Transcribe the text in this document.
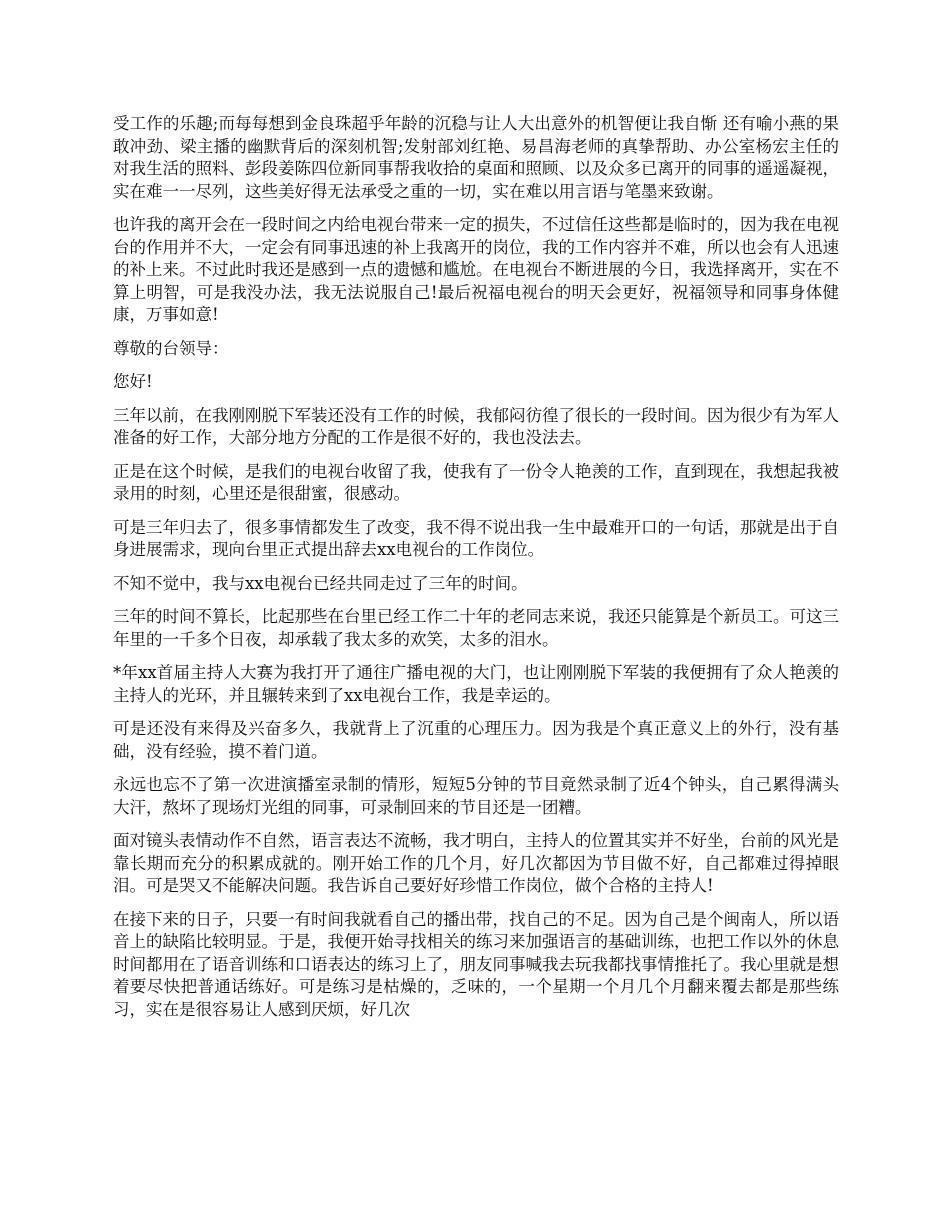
受工作的乐趣;而每每想到金良珠超乎年龄的沉稳与让人大出意外的机智便让我自惭 还有喻小燕的果敢冲劲、梁主播的幽默背后的深刻机智;发射部刘红艳、易昌海老师的真挚帮助、办公室杨宏主任的对我生活的照料、彭段姜陈四位新同事帮我收拾的桌面和照顾、以及众多已离开的同事的遥遥凝视，实在难一一尽列，这些美好得无法承受之重的一切，实在难以用言语与笔墨来致谢。

也许我的离开会在一段时间之内给电视台带来一定的损失，不过信任这些都是临时的，因为我在电视台的作用并不大，一定会有同事迅速的补上我离开的岗位，我的工作内容并不难，所以也会有人迅速的补上来。不过此时我还是感到一点的遗憾和尴尬。在电视台不断进展的今日，我选择离开，实在不算上明智，可是我没办法，我无法说服自己!最后祝福电视台的明天会更好，祝福领导和同事身体健康，万事如意!

尊敬的台领导：

您好!

三年以前，在我刚刚脱下军装还没有工作的时候，我郁闷彷徨了很长的一段时间。因为很少有为军人准备的好工作，大部分地方分配的工作是很不好的，我也没法去。

正是在这个时候，是我们的电视台收留了我，使我有了一份令人艳羡的工作，直到现在，我想起我被录用的时刻，心里还是很甜蜜，很感动。

可是三年归去了，很多事情都发生了改变，我不得不说出我一生中最难开口的一句话，那就是出于自身进展需求，现向台里正式提出辞去xx电视台的工作岗位。

不知不觉中，我与xx电视台已经共同走过了三年的时间。

三年的时间不算长，比起那些在台里已经工作二十年的老同志来说，我还只能算是个新员工。可这三年里的一千多个日夜，却承载了我太多的欢笑，太多的泪水。

*年xx首届主持人大赛为我打开了通往广播电视的大门，也让刚刚脱下军装的我便拥有了众人艳羡的主持人的光环，并且辗转来到了xx电视台工作，我是幸运的。

可是还没有来得及兴奋多久，我就背上了沉重的心理压力。因为我是个真正意义上的外行，没有基础，没有经验，摸不着门道。

永远也忘不了第一次进演播室录制的情形，短短5分钟的节目竟然录制了近4个钟头，自己累得满头大汗，熬坏了现场灯光组的同事，可录制回来的节目还是一团糟。

面对镜头表情动作不自然，语言表达不流畅，我才明白，主持人的位置其实并不好坐，台前的风光是靠长期而充分的积累成就的。刚开始工作的几个月，好几次都因为节目做不好，自己都难过得掉眼泪。可是哭又不能解决问题。我告诉自己要好好珍惜工作岗位，做个合格的主持人!

在接下来的日子，只要一有时间我就看自己的播出带，找自己的不足。因为自己是个闽南人，所以语音上的缺陷比较明显。于是，我便开始寻找相关的练习来加强语言的基础训练，也把工作以外的休息时间都用在了语音训练和口语表达的练习上了，朋友同事喊我去玩我都找事情推托了。我心里就是想着要尽快把普通话练好。可是练习是枯燥的，乏味的，一个星期一个月几个月翻来覆去都是那些练习，实在是很容易让人感到厌烦，好几次
